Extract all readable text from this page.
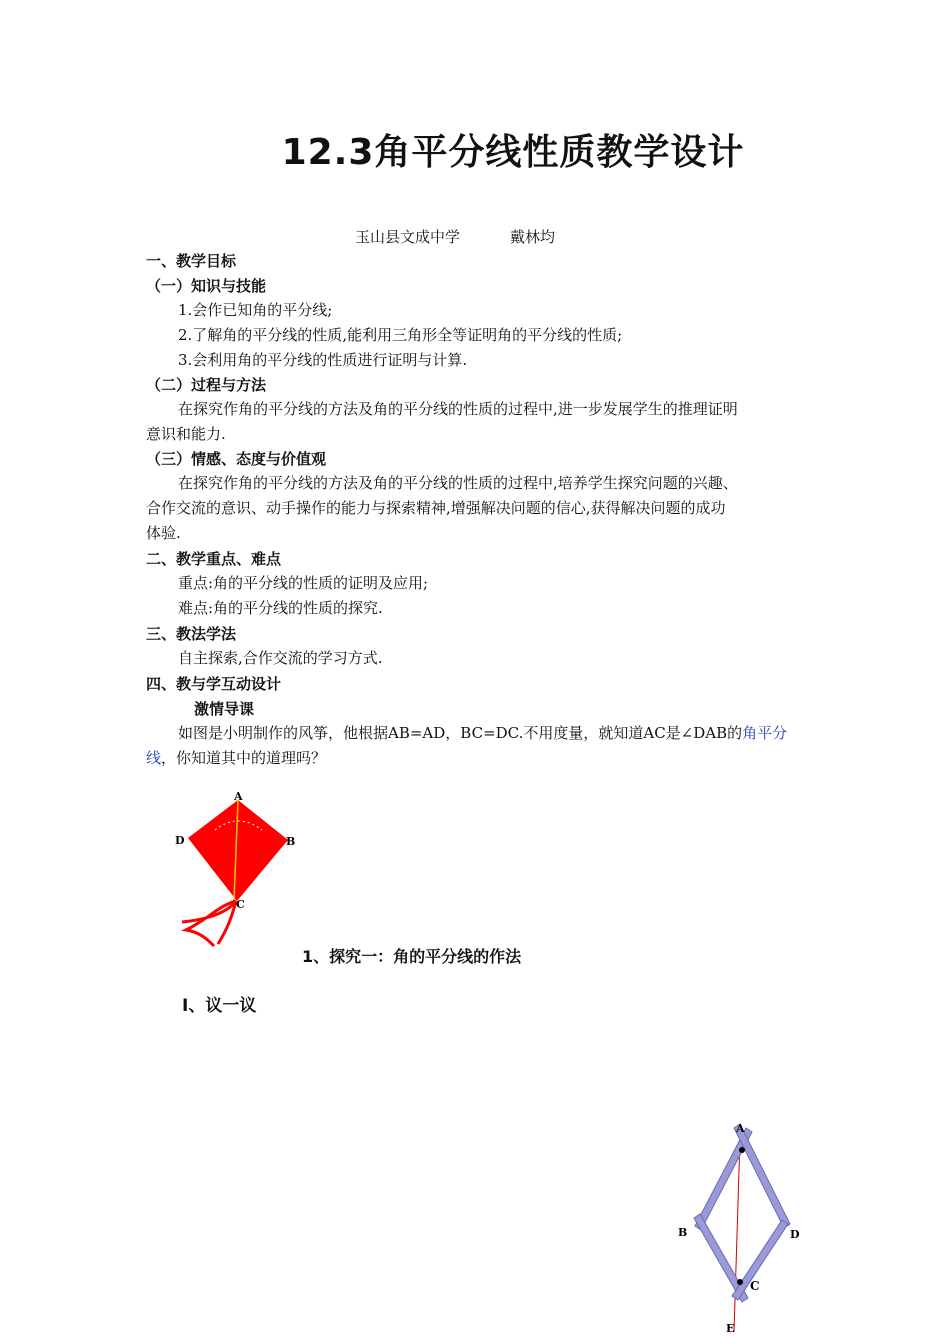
12.3角平分线性质教学设计
玉山县文成中学	戴林均
一、教学目标
（一）知识与技能
1.会作已知角的平分线;
2.了解角的平分线的性质,能利用三角形全等证明角的平分线的性质;
3.会利用角的平分线的性质进行证明与计算.
（二）过程与方法
在探究作角的平分线的方法及角的平分线的性质的过程中,进一步发展学生的推理证明
意识和能力.
（三）情感、态度与价值观
在探究作角的平分线的方法及角的平分线的性质的过程中,培养学生探究问题的兴趣、
合作交流的意识、动手操作的能力与探索精神,增强解决问题的信心,获得解决问题的成功
体验.
二、教学重点、难点
重点:角的平分线的性质的证明及应用;
难点:角的平分线的性质的探究.
三、教法学法
自主探索,合作交流的学习方式.
四、教与学互动设计
激情导课
如图是小明制作的风筝，他根据AB=AD，BC=DC.不用度量，就知道AC是∠DAB的角平分
线，你知道其中的道理吗？
A
D	B
C
1、探究一：角的平分线的作法
Ⅰ、议一议
A
B	D
C
E
